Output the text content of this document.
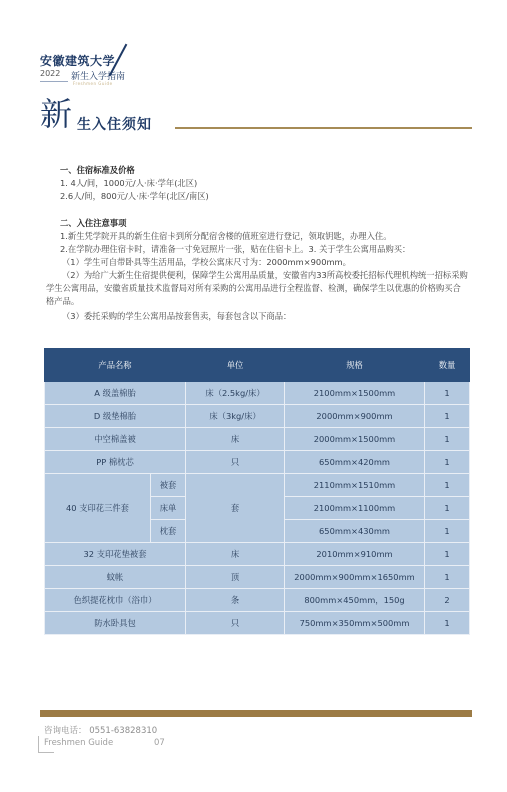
安徽建筑大学
2022 新生入学指南
Freshmen Guide
新 生入住须知
一、住宿标准及价格
1. 4人/间，1000元/人·床·学年(北区)
2.6人/间，800元/人·床·学年(北区/南区)
二、入住注意事项
1.新生凭学院开具的新生住宿卡到所分配宿舍楼的值班室进行登记，领取钥匙，办理入住。
2.在学院办理住宿卡时，请准备一寸免冠照片一张，贴在住宿卡上。3. 关于学生公寓用品购买：
（1）学生可自带卧具等生活用品，学校公寓床尺寸为：2000mm×900mm。
（2）为给广大新生住宿提供便利，保障学生公寓用品质量，安徽省内33所高校委托招标代理机构统一招标采购
学生公寓用品，安徽省质量技术监督局对所有采购的公寓用品进行全程监督、检测，确保学生以优惠的价格购买合
格产品。
（3）委托采购的学生公寓用品按套售卖，每套包含以下商品：
产品名称		单位	规格	数量
A 级盖棉胎		床（2.5kg/床）	2100mm×1500mm	1
D 级垫棉胎		床（3kg/床）	2000mm×900mm	1
中空棉盖被		床	2000mm×1500mm	1
PP 棉枕芯		只	650mm×420mm	1
40 支印花三件套	被套	套	2110mm×1510mm	1
	床单		2100mm×1100mm	1
	枕套		650mm×430mm	1
32 支印花垫被套		床	2010mm×910mm	1
蚊帐		顶	2000mm×900mm×1650mm	1
色织提花枕巾（浴巾）		条	800mm×450mm，150g	2
防水卧具包		只	750mm×350mm×500mm	1
咨询电话： 0551-63828310
Freshmen Guide	07
